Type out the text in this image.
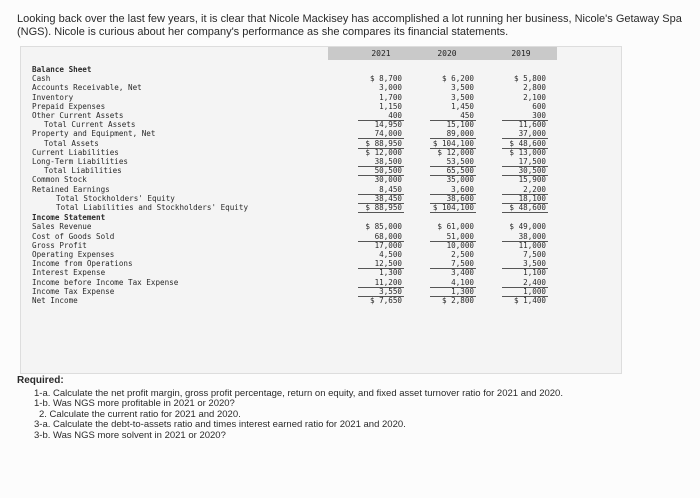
Looking back over the last few years, it is clear that Nicole Mackisey has accomplished a lot running her business, Nicole's Getaway Spa (NGS). Nicole is curious about her company's performance as she compares its financial statements.
2021	2020	2019
Balance Sheet
Cash	$ 8,700	$ 6,200	$ 5,800
Accounts Receivable, Net	3,000	3,500	2,800
Inventory	1,700	3,500	2,100
Prepaid Expenses	1,150	1,450	600
Other Current Assets	400	450	300
Total Current Assets	14,950	15,100	11,600
Property and Equipment, Net	74,000	89,000	37,000
Total Assets	$ 88,950	$ 104,100	$ 48,600
Current Liabilities	$ 12,000	$ 12,000	$ 13,000
Long-Term Liabilities	38,500	53,500	17,500
Total Liabilities	50,500	65,500	30,500
Common Stock	30,000	35,000	15,900
Retained Earnings	8,450	3,600	2,200
Total Stockholders' Equity	38,450	38,600	18,100
Total Liabilities and Stockholders' Equity	$ 88,950	$ 104,100	$ 48,600
Income Statement
Sales Revenue	$ 85,000	$ 61,000	$ 49,000
Cost of Goods Sold	68,000	51,000	38,000
Gross Profit	17,000	10,000	11,000
Operating Expenses	4,500	2,500	7,500
Income from Operations	12,500	7,500	3,500
Interest Expense	1,300	3,400	1,100
Income before Income Tax Expense	11,200	4,100	2,400
Income Tax Expense	3,550	1,300	1,000
Net Income	$ 7,650	$ 2,800	$ 1,400
Required:
1-a. Calculate the net profit margin, gross profit percentage, return on equity, and fixed asset turnover ratio for 2021 and 2020.
1-b. Was NGS more profitable in 2021 or 2020?
2. Calculate the current ratio for 2021 and 2020.
3-a. Calculate the debt-to-assets ratio and times interest earned ratio for 2021 and 2020.
3-b. Was NGS more solvent in 2021 or 2020?
